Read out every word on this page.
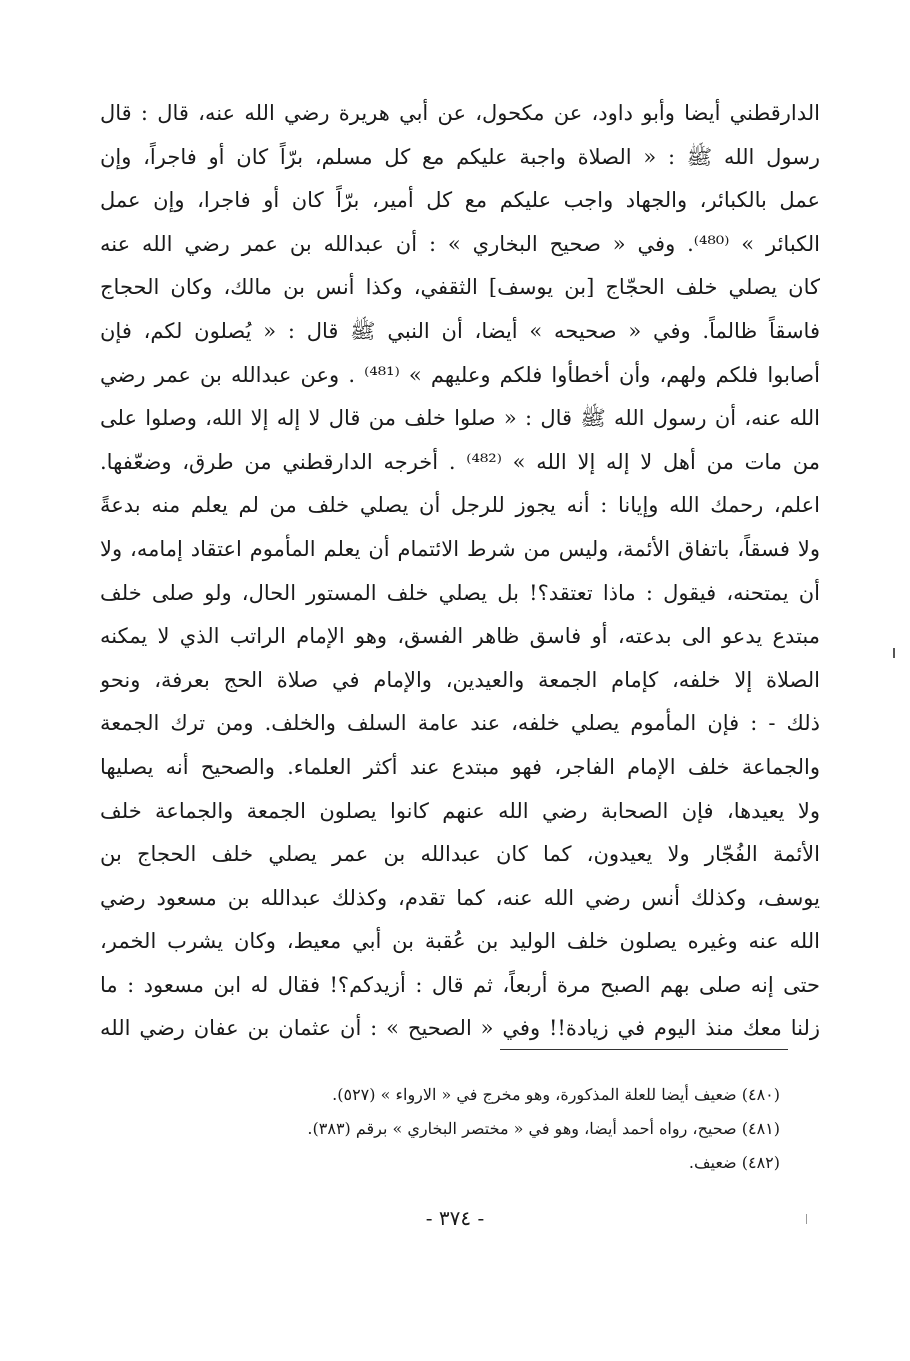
الدارقطني أيضا وأبو داود، عن مكحول، عن أبي هريرة رضي الله عنه، قال : قال
رسول الله ﷺ : « الصلاة واجبة عليكم مع كل مسلم، برّاً كان أو فاجراً، وإن
عمل بالكبائر، والجهاد واجب عليكم مع كل أمير، برّاً كان أو فاجرا، وإن عمل
الكبائر » ⁽⁴⁸⁰⁾. وفي « صحيح البخاري » : أن عبدالله بن عمر رضي الله عنه
كان يصلي خلف الحجّاج [بن يوسف] الثقفي، وكذا أنس بن مالك، وكان الحجاج
فاسقاً ظالماً. وفي « صحيحه » أيضا، أن النبي ﷺ قال : « يُصلون لكم، فإن
أصابوا فلكم ولهم، وأن أخطأوا فلكم وعليهم » ⁽⁴⁸¹⁾ . وعن عبدالله بن عمر رضي
الله عنه، أن رسول الله ﷺ قال : « صلوا خلف من قال لا إله إلا الله، وصلوا على
من مات من أهل لا إله إلا الله » ⁽⁴⁸²⁾ . أخرجه الدارقطني من طرق، وضعّفها.
اعلم، رحمك الله وإيانا : أنه يجوز للرجل أن يصلي خلف من لم يعلم منه بدعةً
ولا فسقاً، باتفاق الأئمة، وليس من شرط الائتمام أن يعلم المأموم اعتقاد إمامه، ولا
أن يمتحنه، فيقول : ماذا تعتقد؟! بل يصلي خلف المستور الحال، ولو صلى خلف
مبتدع يدعو الى بدعته، أو فاسق ظاهر الفسق، وهو الإمام الراتب الذي لا يمكنه
الصلاة إلا خلفه، كإمام الجمعة والعيدين، والإمام في صلاة الحج بعرفة، ونحو
ذلك - : فإن المأموم يصلي خلفه، عند عامة السلف والخلف. ومن ترك الجمعة
والجماعة خلف الإمام الفاجر، فهو مبتدع عند أكثر العلماء. والصحيح أنه يصليها
ولا يعيدها، فإن الصحابة رضي الله عنهم كانوا يصلون الجمعة والجماعة خلف
الأئمة الفُجّار ولا يعيدون، كما كان عبدالله بن عمر يصلي خلف الحجاج بن
يوسف، وكذلك أنس رضي الله عنه، كما تقدم، وكذلك عبدالله بن مسعود رضي
الله عنه وغيره يصلون خلف الوليد بن عُقبة بن أبي معيط، وكان يشرب الخمر،
حتى إنه صلى بهم الصبح مرة أربعاً، ثم قال : أزيدكم؟! فقال له ابن مسعود : ما
زلنا معك منذ اليوم في زيادة!! وفي « الصحيح » : أن عثمان بن عفان رضي الله
(٤٨٠) ضعيف أيضا للعلة المذكورة، وهو مخرج في « الارواء » (٥٢٧).
(٤٨١) صحيح، رواه أحمد أيضا، وهو في « مختصر البخاري » برقم (٣٨٣).
(٤٨٢) ضعيف.
- ٣٧٤ -
